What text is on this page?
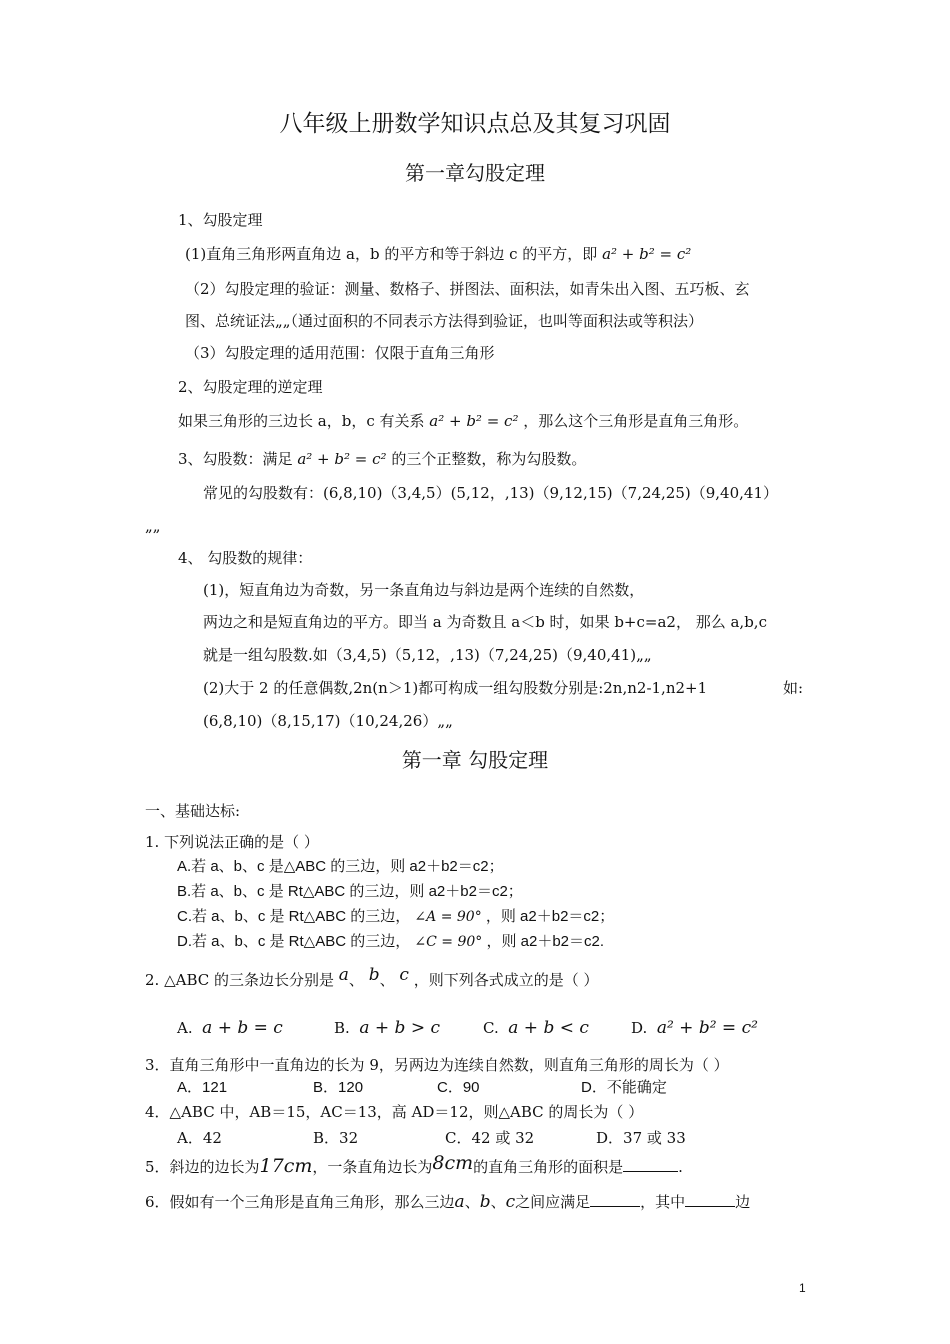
八年级上册数学知识点总及其复习巩固
第一章勾股定理
1、勾股定理
(1)直角三角形两直角边 a，b 的平方和等于斜边 c 的平方，即 a² + b² = c²
（2）勾股定理的验证：测量、数格子、拼图法、面积法，如青朱出入图、五巧板、玄
图、总统证法„„（通过面积的不同表示方法得到验证，也叫等面积法或等积法）
（3）勾股定理的适用范围：仅限于直角三角形
2、勾股定理的逆定理
如果三角形的三边长 a，b，c 有关系 a² + b² = c² ，那么这个三角形是直角三角形。
3、勾股数：满足 a² + b² = c² 的三个正整数，称为勾股数。
常见的勾股数有：(6,8,10)（3,4,5）(5,12，,13)（9,12,15)（7,24,25)（9,40,41）
„„
4、 勾股数的规律：
(1)，短直角边为奇数，另一条直角边与斜边是两个连续的自然数，
两边之和是短直角边的平方。即当 a 为奇数且 a＜b 时，如果 b+c=a2， 那么 a,b,c
就是一组勾股数.如（3,4,5)（5,12，,13)（7,24,25)（9,40,41)„„
(2)大于 2 的任意偶数,2n(n＞1)都可构成一组勾股数分别是:2n,n2-1,n2+1	如:
(6,8,10)（8,15,17)（10,24,26）„„
第一章 勾股定理
一、基础达标:
1. 下列说法正确的是（ ）
A.若 a、b、c 是△ABC 的三边，则 a2＋b2＝c2；
B.若 a、b、c 是 Rt△ABC 的三边，则 a2＋b2＝c2；
C.若 a、b、c 是 Rt△ABC 的三边， ∠A = 90° ，则 a2＋b2＝c2；
D.若 a、b、c 是 Rt△ABC 的三边， ∠C = 90° ，则 a2＋b2＝c2.
2. △ABC 的三条边长分别是 a、 b、 c ，则下列各式成立的是（ ）
A. a + b = c	B. a + b > c	C. a + b < c	D. a² + b² = c²
3．直角三角形中一直角边的长为 9，另两边为连续自然数，则直角三角形的周长为（ ）
A．121	B．120	C．90	D．不能确定
4．△ABC 中，AB＝15，AC＝13，高 AD＝12，则△ABC 的周长为（ ）
A．42	B．32	C．42 或 32	D．37 或 33
5．斜边的边长为17cm，一条直角边长为8cm的直角三角形的面积是	.
6．假如有一个三角形是直角三角形，那么三边a、b、c之间应满足	，其中	边
1
